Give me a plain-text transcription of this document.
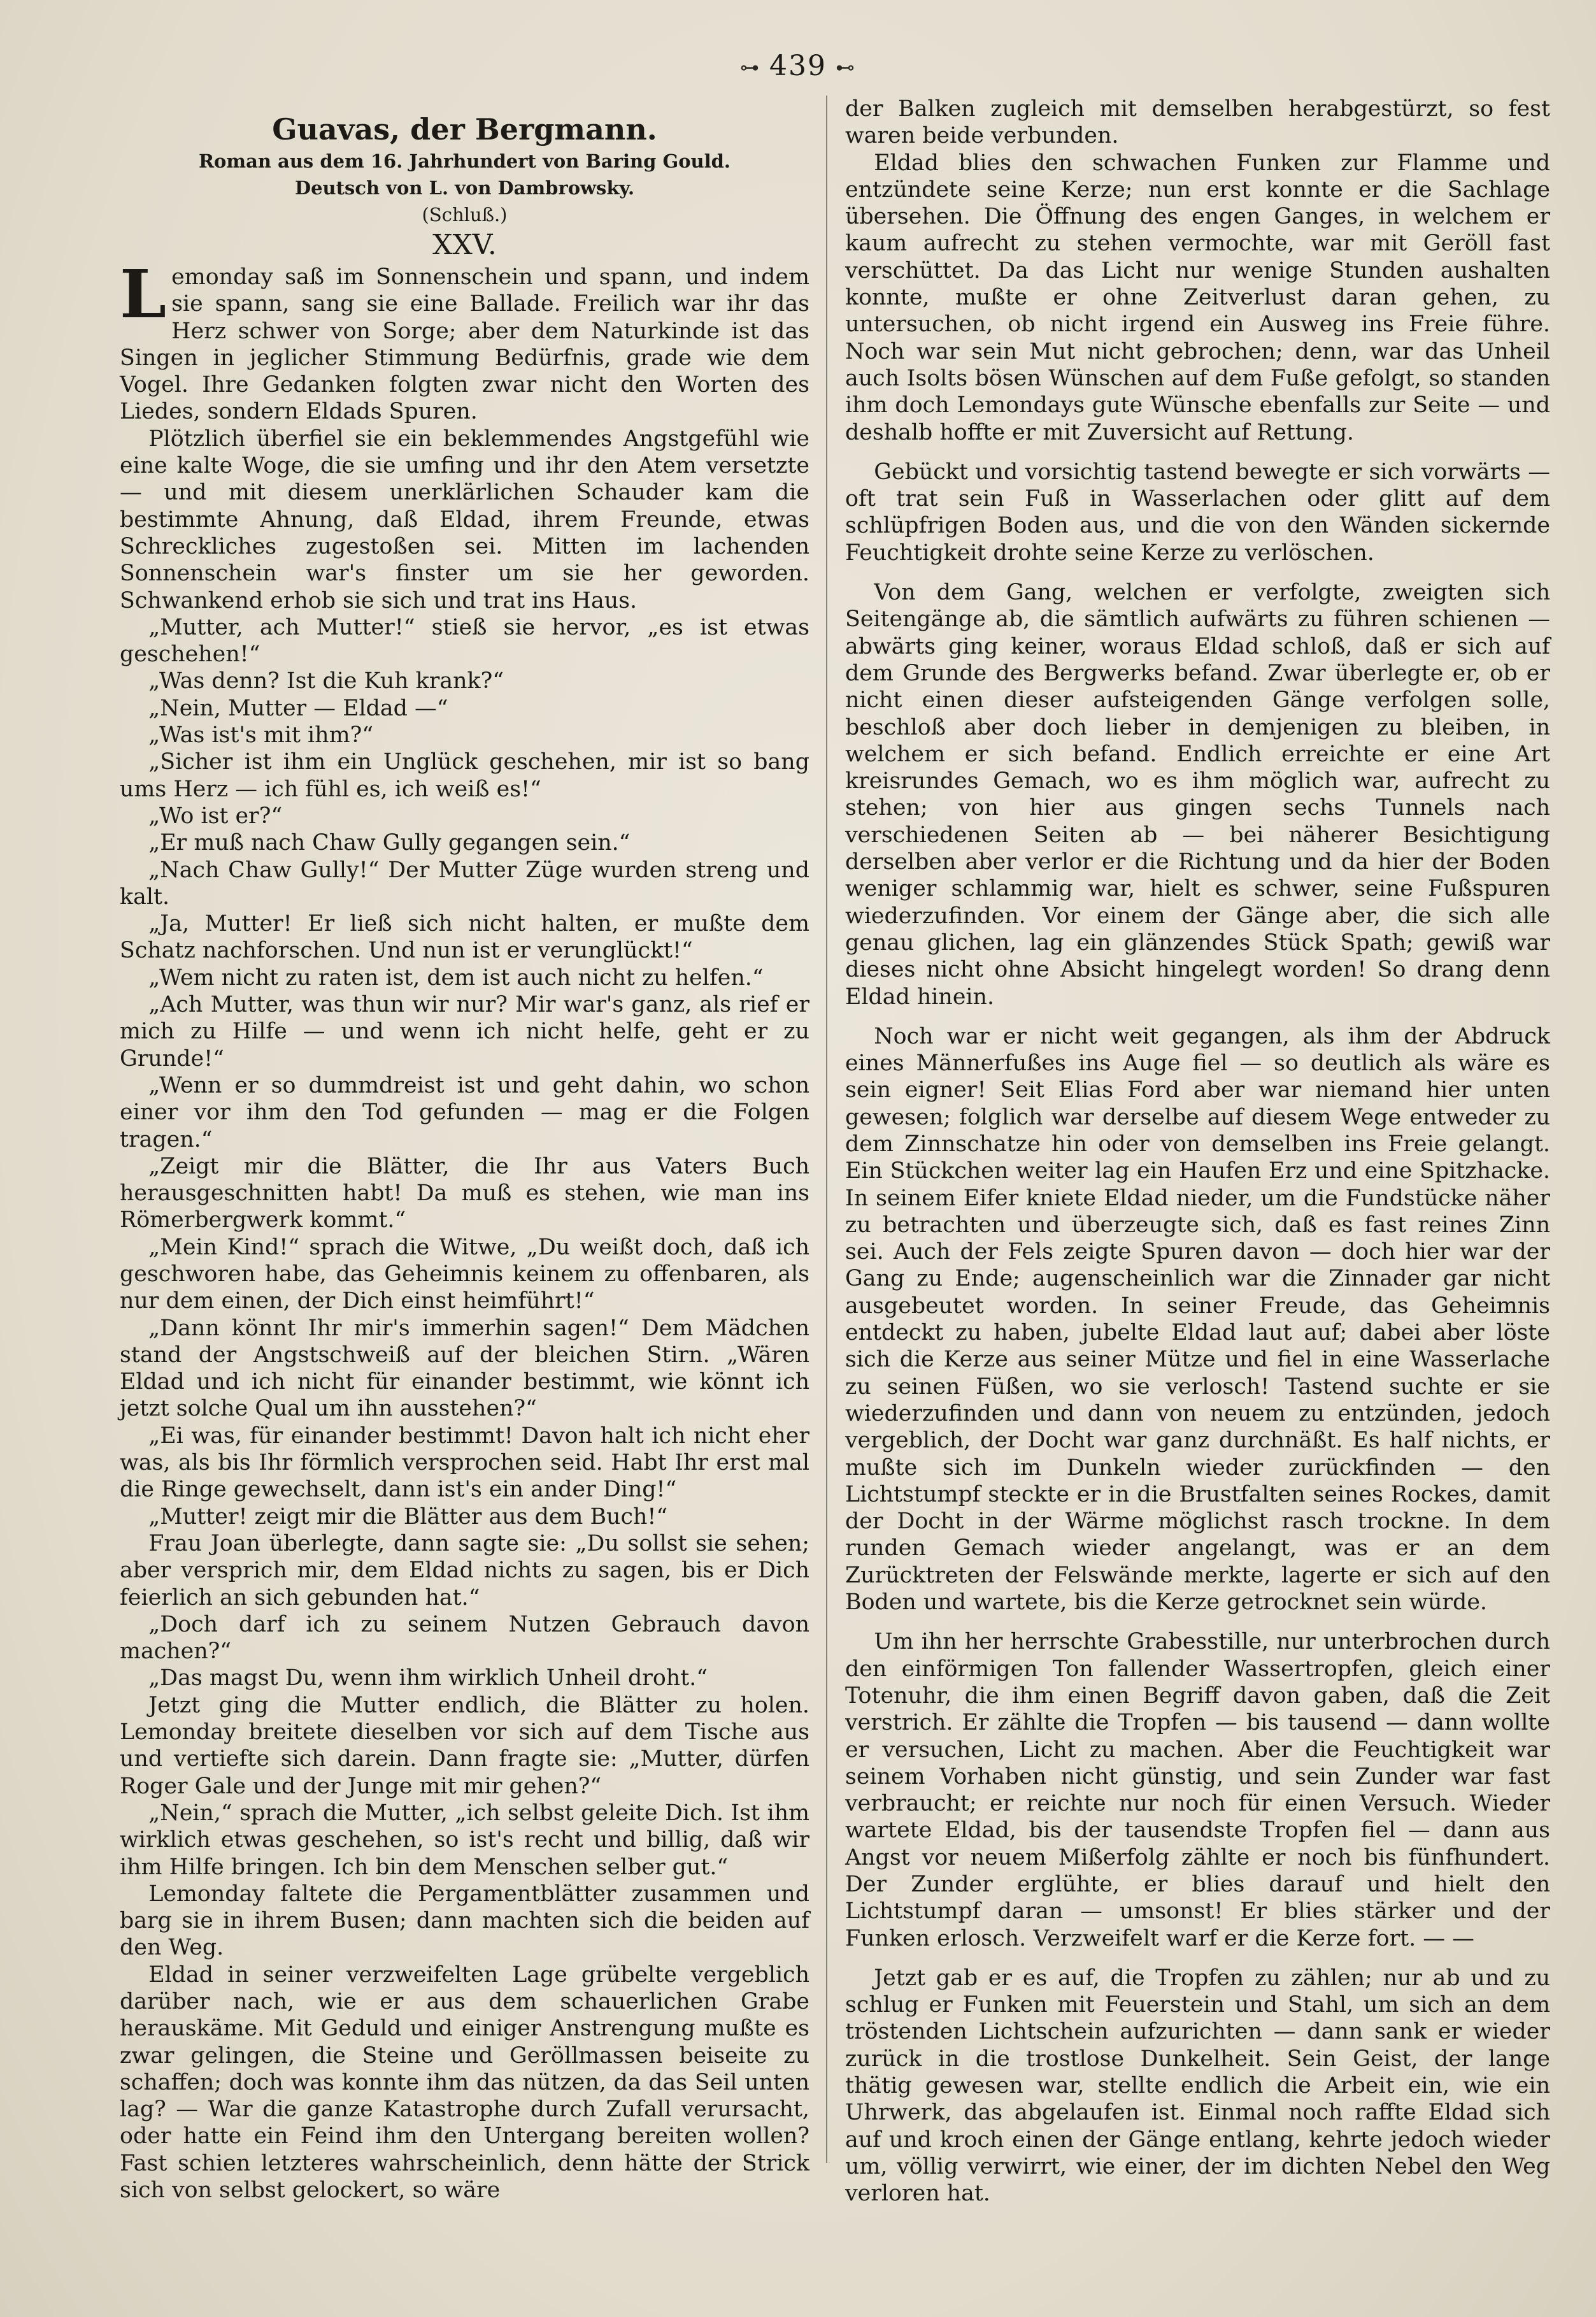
⊶ 439 ⊷
Guavas, der Bergmann.
Roman aus dem 16. Jahrhundert von Baring Gould.
Deutsch von L. von Dambrowsky.
(Schluß.)
XXV.

Lemonday saß im Sonnenschein und spann, und indem sie spann, sang sie eine Ballade. Freilich war ihr das Herz schwer von Sorge; aber dem Naturkinde ist das Singen in jeglicher Stimmung Bedürfnis, grade wie dem Vogel. Ihre Gedanken folgten zwar nicht den Worten des Liedes, sondern Eldads Spuren.

Plötzlich überfiel sie ein beklemmendes Angstgefühl wie eine kalte Woge, die sie umfing und ihr den Atem versetzte — und mit diesem unerklärlichen Schauder kam die bestimmte Ahnung, daß Eldad, ihrem Freunde, etwas Schreckliches zugestoßen sei. Mitten im lachenden Sonnenschein war's finster um sie her geworden. Schwankend erhob sie sich und trat ins Haus.

„Mutter, ach Mutter!“ stieß sie hervor, „es ist etwas geschehen!“

„Was denn? Ist die Kuh krank?“

„Nein, Mutter — Eldad —“

„Was ist's mit ihm?“

„Sicher ist ihm ein Unglück geschehen, mir ist so bang ums Herz — ich fühl es, ich weiß es!“

„Wo ist er?“

„Er muß nach Chaw Gully gegangen sein.“

„Nach Chaw Gully!“ Der Mutter Züge wurden streng und kalt.

„Ja, Mutter! Er ließ sich nicht halten, er mußte dem Schatz nachforschen. Und nun ist er verunglückt!“

„Wem nicht zu raten ist, dem ist auch nicht zu helfen.“

„Ach Mutter, was thun wir nur? Mir war's ganz, als rief er mich zu Hilfe — und wenn ich nicht helfe, geht er zu Grunde!“

„Wenn er so dummdreist ist und geht dahin, wo schon einer vor ihm den Tod gefunden — mag er die Folgen tragen.“

„Zeigt mir die Blätter, die Ihr aus Vaters Buch herausgeschnitten habt! Da muß es stehen, wie man ins Römerbergwerk kommt.“

„Mein Kind!“ sprach die Witwe, „Du weißt doch, daß ich geschworen habe, das Geheimnis keinem zu offenbaren, als nur dem einen, der Dich einst heimführt!“

„Dann könnt Ihr mir's immerhin sagen!“ Dem Mädchen stand der Angstschweiß auf der bleichen Stirn. „Wären Eldad und ich nicht für einander bestimmt, wie könnt ich jetzt solche Qual um ihn ausstehen?“

„Ei was, für einander bestimmt! Davon halt ich nicht eher was, als bis Ihr förmlich versprochen seid. Habt Ihr erst mal die Ringe gewechselt, dann ist's ein ander Ding!“

„Mutter! zeigt mir die Blätter aus dem Buch!“

Frau Joan überlegte, dann sagte sie: „Du sollst sie sehen; aber versprich mir, dem Eldad nichts zu sagen, bis er Dich feierlich an sich gebunden hat.“

„Doch darf ich zu seinem Nutzen Gebrauch davon machen?“

„Das magst Du, wenn ihm wirklich Unheil droht.“

Jetzt ging die Mutter endlich, die Blätter zu holen. Lemonday breitete dieselben vor sich auf dem Tische aus und vertiefte sich darein. Dann fragte sie: „Mutter, dürfen Roger Gale und der Junge mit mir gehen?“

„Nein,“ sprach die Mutter, „ich selbst geleite Dich. Ist ihm wirklich etwas geschehen, so ist's recht und billig, daß wir ihm Hilfe bringen. Ich bin dem Menschen selber gut.“

Lemonday faltete die Pergamentblätter zusammen und barg sie in ihrem Busen; dann machten sich die beiden auf den Weg.

Eldad in seiner verzweifelten Lage grübelte vergeblich darüber nach, wie er aus dem schauerlichen Grabe herauskäme. Mit Geduld und einiger Anstrengung mußte es zwar gelingen, die Steine und Geröllmassen beiseite zu schaffen; doch was konnte ihm das nützen, da das Seil unten lag? — War die ganze Katastrophe durch Zufall verursacht, oder hatte ein Feind ihm den Untergang bereiten wollen? Fast schien letzteres wahrscheinlich, denn hätte der Strick sich von selbst gelockert, so wäre

der Balken zugleich mit demselben herabgestürzt, so fest waren beide verbunden.

Eldad blies den schwachen Funken zur Flamme und entzündete seine Kerze; nun erst konnte er die Sachlage übersehen. Die Öffnung des engen Ganges, in welchem er kaum aufrecht zu stehen vermochte, war mit Geröll fast verschüttet. Da das Licht nur wenige Stunden aushalten konnte, mußte er ohne Zeitverlust daran gehen, zu untersuchen, ob nicht irgend ein Ausweg ins Freie führe. Noch war sein Mut nicht gebrochen; denn, war das Unheil auch Isolts bösen Wünschen auf dem Fuße gefolgt, so standen ihm doch Lemondays gute Wünsche ebenfalls zur Seite — und deshalb hoffte er mit Zuversicht auf Rettung.

Gebückt und vorsichtig tastend bewegte er sich vorwärts — oft trat sein Fuß in Wasserlachen oder glitt auf dem schlüpfrigen Boden aus, und die von den Wänden sickernde Feuchtigkeit drohte seine Kerze zu verlöschen.

Von dem Gang, welchen er verfolgte, zweigten sich Seitengänge ab, die sämtlich aufwärts zu führen schienen — abwärts ging keiner, woraus Eldad schloß, daß er sich auf dem Grunde des Bergwerks befand. Zwar überlegte er, ob er nicht einen dieser aufsteigenden Gänge verfolgen solle, beschloß aber doch lieber in demjenigen zu bleiben, in welchem er sich befand. Endlich erreichte er eine Art kreisrundes Gemach, wo es ihm möglich war, aufrecht zu stehen; von hier aus gingen sechs Tunnels nach verschiedenen Seiten ab — bei näherer Besichtigung derselben aber verlor er die Richtung und da hier der Boden weniger schlammig war, hielt es schwer, seine Fußspuren wiederzufinden. Vor einem der Gänge aber, die sich alle genau glichen, lag ein glänzendes Stück Spath; gewiß war dieses nicht ohne Absicht hingelegt worden! So drang denn Eldad hinein.

Noch war er nicht weit gegangen, als ihm der Abdruck eines Männerfußes ins Auge fiel — so deutlich als wäre es sein eigner! Seit Elias Ford aber war niemand hier unten gewesen; folglich war derselbe auf diesem Wege entweder zu dem Zinnschatze hin oder von demselben ins Freie gelangt. Ein Stückchen weiter lag ein Haufen Erz und eine Spitzhacke. In seinem Eifer kniete Eldad nieder, um die Fundstücke näher zu betrachten und überzeugte sich, daß es fast reines Zinn sei. Auch der Fels zeigte Spuren davon — doch hier war der Gang zu Ende; augenscheinlich war die Zinnader gar nicht ausgebeutet worden. In seiner Freude, das Geheimnis entdeckt zu haben, jubelte Eldad laut auf; dabei aber löste sich die Kerze aus seiner Mütze und fiel in eine Wasserlache zu seinen Füßen, wo sie verlosch! Tastend suchte er sie wiederzufinden und dann von neuem zu entzünden, jedoch vergeblich, der Docht war ganz durchnäßt. Es half nichts, er mußte sich im Dunkeln wieder zurückfinden — den Lichtstumpf steckte er in die Brustfalten seines Rockes, damit der Docht in der Wärme möglichst rasch trockne. In dem runden Gemach wieder angelangt, was er an dem Zurücktreten der Felswände merkte, lagerte er sich auf den Boden und wartete, bis die Kerze getrocknet sein würde.

Um ihn her herrschte Grabesstille, nur unterbrochen durch den einförmigen Ton fallender Wassertropfen, gleich einer Totenuhr, die ihm einen Begriff davon gaben, daß die Zeit verstrich. Er zählte die Tropfen — bis tausend — dann wollte er versuchen, Licht zu machen. Aber die Feuchtigkeit war seinem Vorhaben nicht günstig, und sein Zunder war fast verbraucht; er reichte nur noch für einen Versuch. Wieder wartete Eldad, bis der tausendste Tropfen fiel — dann aus Angst vor neuem Mißerfolg zählte er noch bis fünfhundert. Der Zunder erglühte, er blies darauf und hielt den Lichtstumpf daran — umsonst! Er blies stärker und der Funken erlosch. Verzweifelt warf er die Kerze fort. — —

Jetzt gab er es auf, die Tropfen zu zählen; nur ab und zu schlug er Funken mit Feuerstein und Stahl, um sich an dem tröstenden Lichtschein aufzurichten — dann sank er wieder zurück in die trostlose Dunkelheit. Sein Geist, der lange thätig gewesen war, stellte endlich die Arbeit ein, wie ein Uhrwerk, das abgelaufen ist. Einmal noch raffte Eldad sich auf und kroch einen der Gänge entlang, kehrte jedoch wieder um, völlig verwirrt, wie einer, der im dichten Nebel den Weg verloren hat.
